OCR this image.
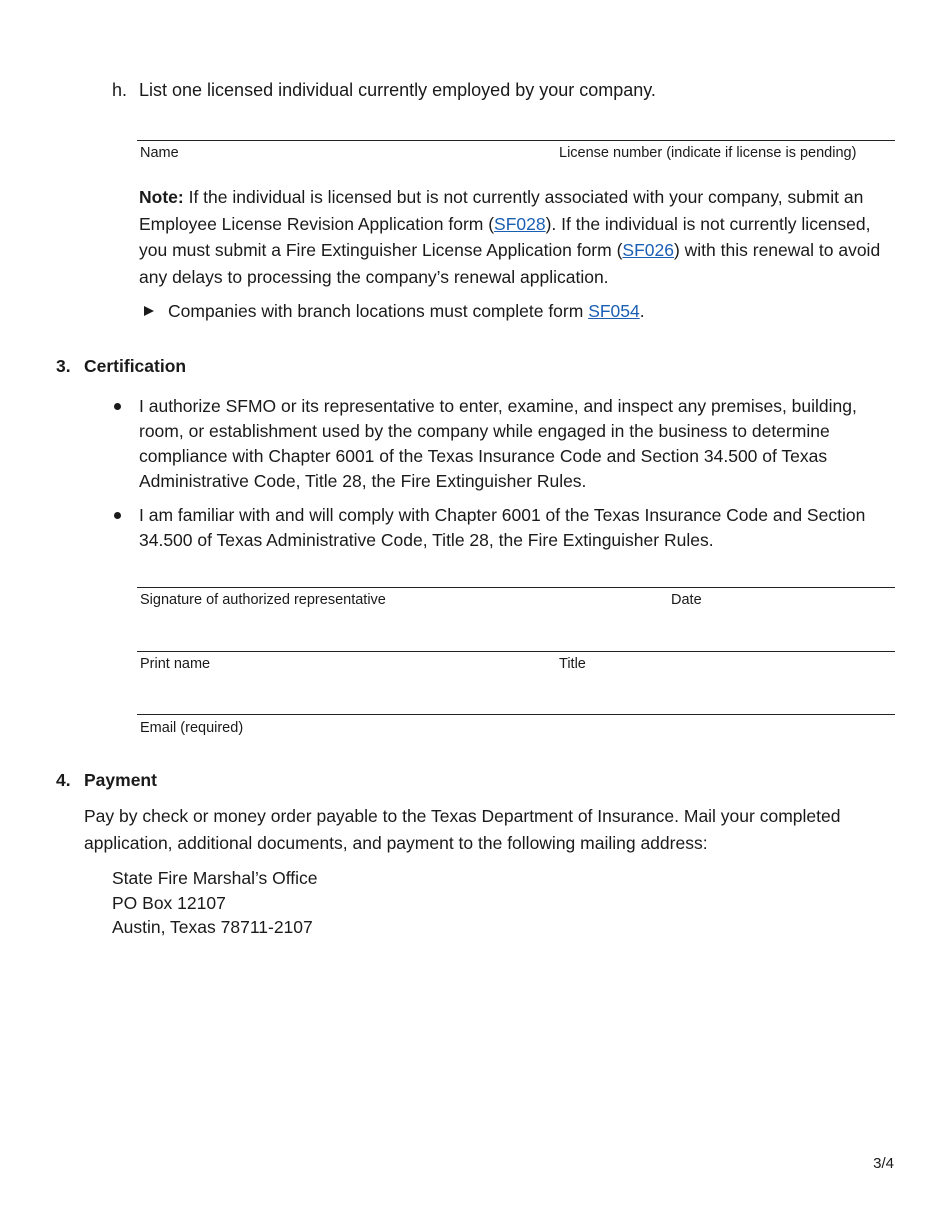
h. List one licensed individual currently employed by your company.
Name	License number (indicate if license is pending)
Note: If the individual is licensed but is not currently associated with your company, submit an Employee License Revision Application form (SF028). If the individual is not currently licensed, you must submit a Fire Extinguisher License Application form (SF026) with this renewal to avoid any delays to processing the company’s renewal application.
Companies with branch locations must complete form SF054.
3. Certification
I authorize SFMO or its representative to enter, examine, and inspect any premises, building, room, or establishment used by the company while engaged in the business to determine compliance with Chapter 6001 of the Texas Insurance Code and Section 34.500 of Texas Administrative Code, Title 28, the Fire Extinguisher Rules.
I am familiar with and will comply with Chapter 6001 of the Texas Insurance Code and Section 34.500 of Texas Administrative Code, Title 28, the Fire Extinguisher Rules.
Signature of authorized representative	Date
Print name	Title
Email (required)
4. Payment
Pay by check or money order payable to the Texas Department of Insurance. Mail your completed application, additional documents, and payment to the following mailing address:
State Fire Marshal’s Office
PO Box 12107
Austin, Texas 78711-2107
3/4
